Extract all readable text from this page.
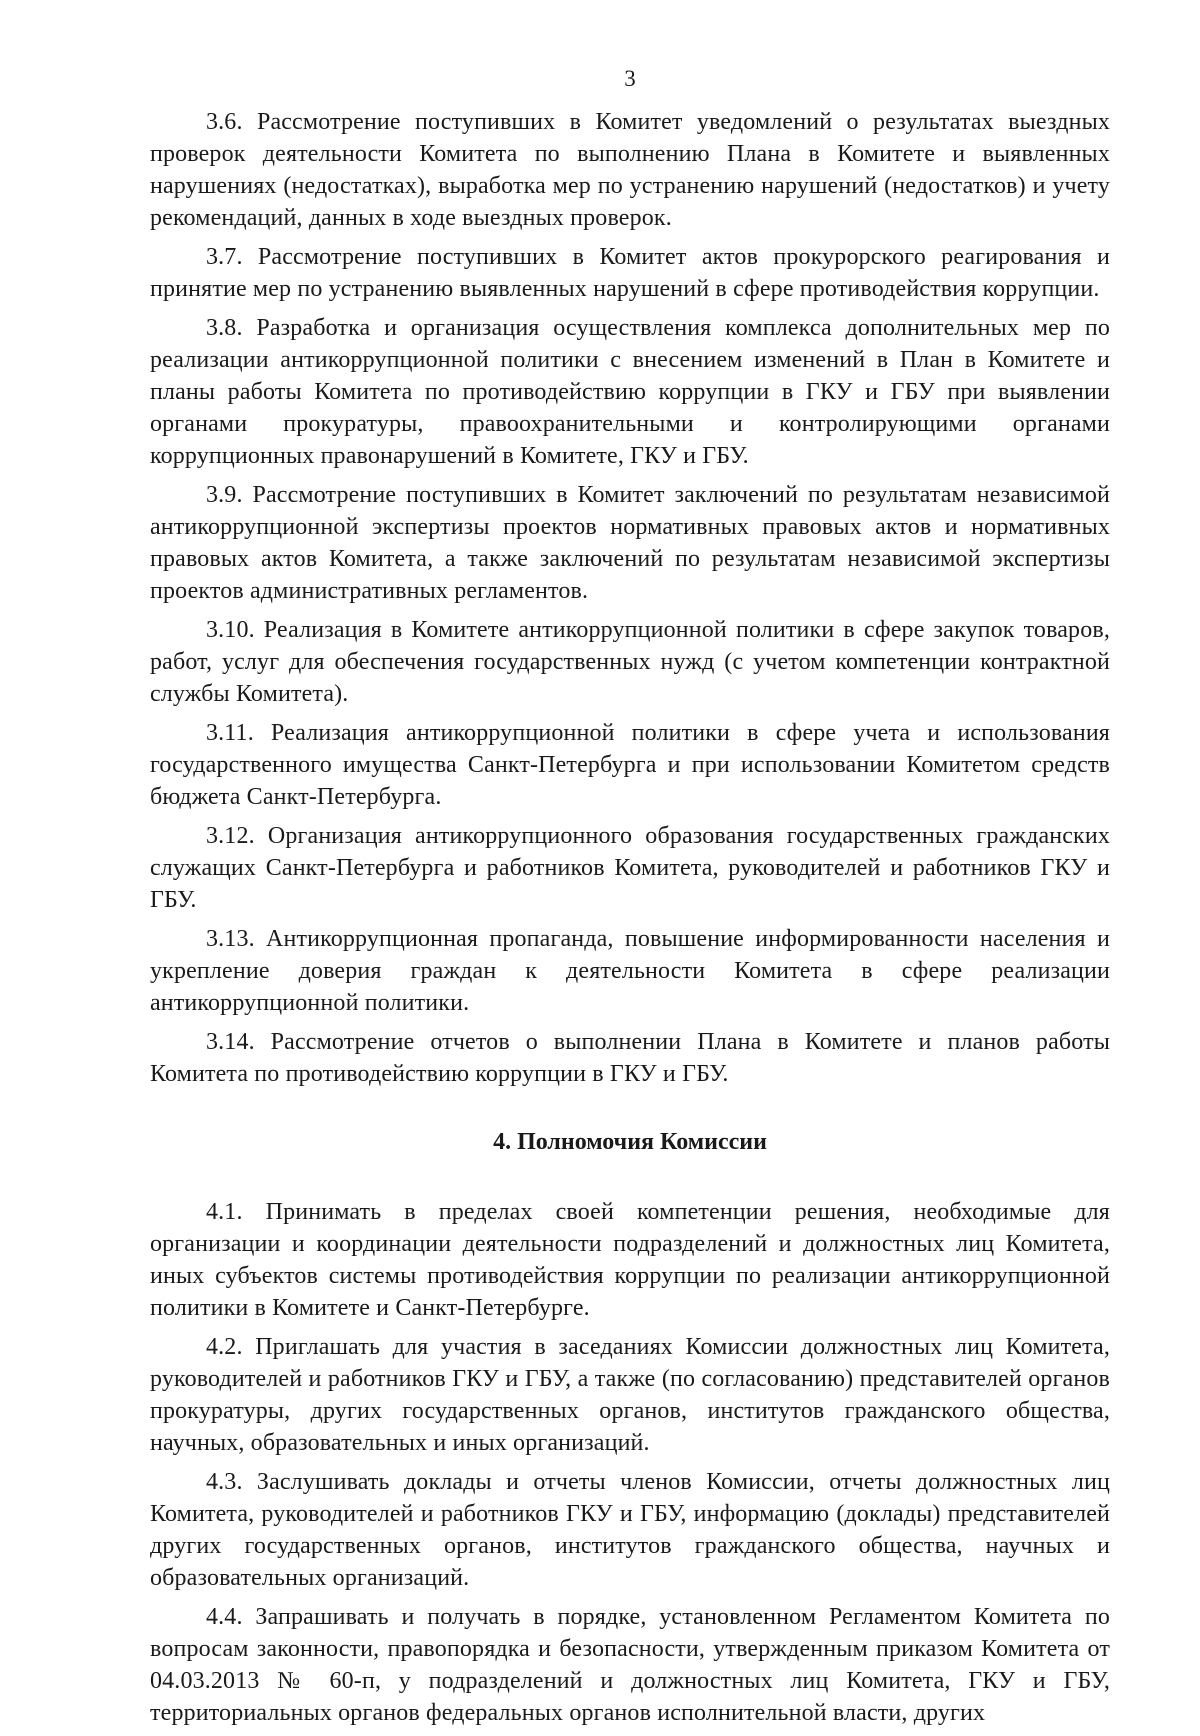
3

3.6. Рассмотрение поступивших в Комитет уведомлений о результатах выездных проверок деятельности Комитета по выполнению Плана в Комитете и выявленных нарушениях (недостатках), выработка мер по устранению нарушений (недостатков) и учету рекомендаций, данных в ходе выездных проверок.

3.7. Рассмотрение поступивших в Комитет актов прокурорского реагирования и принятие мер по устранению выявленных нарушений в сфере противодействия коррупции.

3.8. Разработка и организация осуществления комплекса дополнительных мер по реализации антикоррупционной политики с внесением изменений в План в Комитете и планы работы Комитета по противодействию коррупции в ГКУ и ГБУ при выявлении органами прокуратуры, правоохранительными и контролирующими органами коррупционных правонарушений в Комитете, ГКУ и ГБУ.

3.9. Рассмотрение поступивших в Комитет заключений по результатам независимой антикоррупционной экспертизы проектов нормативных правовых актов и нормативных правовых актов Комитета, а также заключений по результатам независимой экспертизы проектов административных регламентов.

3.10. Реализация в Комитете антикоррупционной политики в сфере закупок товаров, работ, услуг для обеспечения государственных нужд (с учетом компетенции контрактной службы Комитета).

3.11. Реализация антикоррупционной политики в сфере учета и использования государственного имущества Санкт-Петербурга и при использовании Комитетом средств бюджета Санкт-Петербурга.

3.12. Организация антикоррупционного образования государственных гражданских служащих Санкт-Петербурга и работников Комитета, руководителей и работников ГКУ и ГБУ.

3.13. Антикоррупционная пропаганда, повышение информированности населения и укрепление доверия граждан к деятельности Комитета в сфере реализации антикоррупционной политики.

3.14. Рассмотрение отчетов о выполнении Плана в Комитете и планов работы Комитета по противодействию коррупции в ГКУ и ГБУ.

4. Полномочия Комиссии

4.1. Принимать в пределах своей компетенции решения, необходимые для организации и координации деятельности подразделений и должностных лиц Комитета, иных субъектов системы противодействия коррупции по реализации антикоррупционной политики в Комитете и Санкт-Петербурге.

4.2. Приглашать для участия в заседаниях Комиссии должностных лиц Комитета, руководителей и работников ГКУ и ГБУ, а также (по согласованию) представителей органов прокуратуры, других государственных органов, институтов гражданского общества, научных, образовательных и иных организаций.

4.3. Заслушивать доклады и отчеты членов Комиссии, отчеты должностных лиц Комитета, руководителей и работников ГКУ и ГБУ, информацию (доклады) представителей других государственных органов, институтов гражданского общества, научных и образовательных организаций.

4.4. Запрашивать и получать в порядке, установленном Регламентом Комитета по вопросам законности, правопорядка и безопасности, утвержденным приказом Комитета от 04.03.2013 № 60-п, у подразделений и должностных лиц Комитета, ГКУ и ГБУ, территориальных органов федеральных органов исполнительной власти, других
